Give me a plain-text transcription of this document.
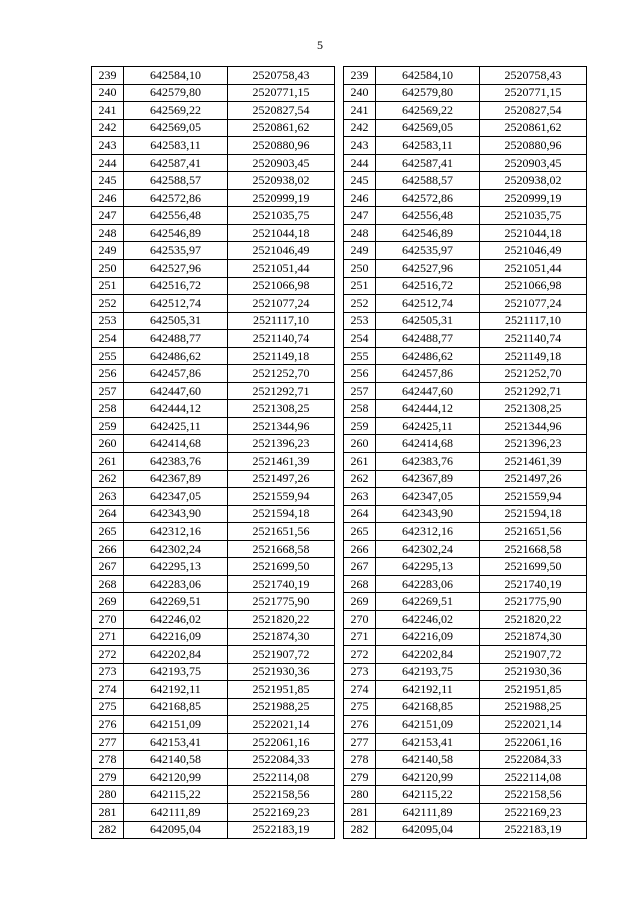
5
239	642584,10	2520758,43
240	642579,80	2520771,15
241	642569,22	2520827,54
242	642569,05	2520861,62
243	642583,11	2520880,96
244	642587,41	2520903,45
245	642588,57	2520938,02
246	642572,86	2520999,19
247	642556,48	2521035,75
248	642546,89	2521044,18
249	642535,97	2521046,49
250	642527,96	2521051,44
251	642516,72	2521066,98
252	642512,74	2521077,24
253	642505,31	2521117,10
254	642488,77	2521140,74
255	642486,62	2521149,18
256	642457,86	2521252,70
257	642447,60	2521292,71
258	642444,12	2521308,25
259	642425,11	2521344,96
260	642414,68	2521396,23
261	642383,76	2521461,39
262	642367,89	2521497,26
263	642347,05	2521559,94
264	642343,90	2521594,18
265	642312,16	2521651,56
266	642302,24	2521668,58
267	642295,13	2521699,50
268	642283,06	2521740,19
269	642269,51	2521775,90
270	642246,02	2521820,22
271	642216,09	2521874,30
272	642202,84	2521907,72
273	642193,75	2521930,36
274	642192,11	2521951,85
275	642168,85	2521988,25
276	642151,09	2522021,14
277	642153,41	2522061,16
278	642140,58	2522084,33
279	642120,99	2522114,08
280	642115,22	2522158,56
281	642111,89	2522169,23
282	642095,04	2522183,19
239	642584,10	2520758,43
240	642579,80	2520771,15
241	642569,22	2520827,54
242	642569,05	2520861,62
243	642583,11	2520880,96
244	642587,41	2520903,45
245	642588,57	2520938,02
246	642572,86	2520999,19
247	642556,48	2521035,75
248	642546,89	2521044,18
249	642535,97	2521046,49
250	642527,96	2521051,44
251	642516,72	2521066,98
252	642512,74	2521077,24
253	642505,31	2521117,10
254	642488,77	2521140,74
255	642486,62	2521149,18
256	642457,86	2521252,70
257	642447,60	2521292,71
258	642444,12	2521308,25
259	642425,11	2521344,96
260	642414,68	2521396,23
261	642383,76	2521461,39
262	642367,89	2521497,26
263	642347,05	2521559,94
264	642343,90	2521594,18
265	642312,16	2521651,56
266	642302,24	2521668,58
267	642295,13	2521699,50
268	642283,06	2521740,19
269	642269,51	2521775,90
270	642246,02	2521820,22
271	642216,09	2521874,30
272	642202,84	2521907,72
273	642193,75	2521930,36
274	642192,11	2521951,85
275	642168,85	2521988,25
276	642151,09	2522021,14
277	642153,41	2522061,16
278	642140,58	2522084,33
279	642120,99	2522114,08
280	642115,22	2522158,56
281	642111,89	2522169,23
282	642095,04	2522183,19
